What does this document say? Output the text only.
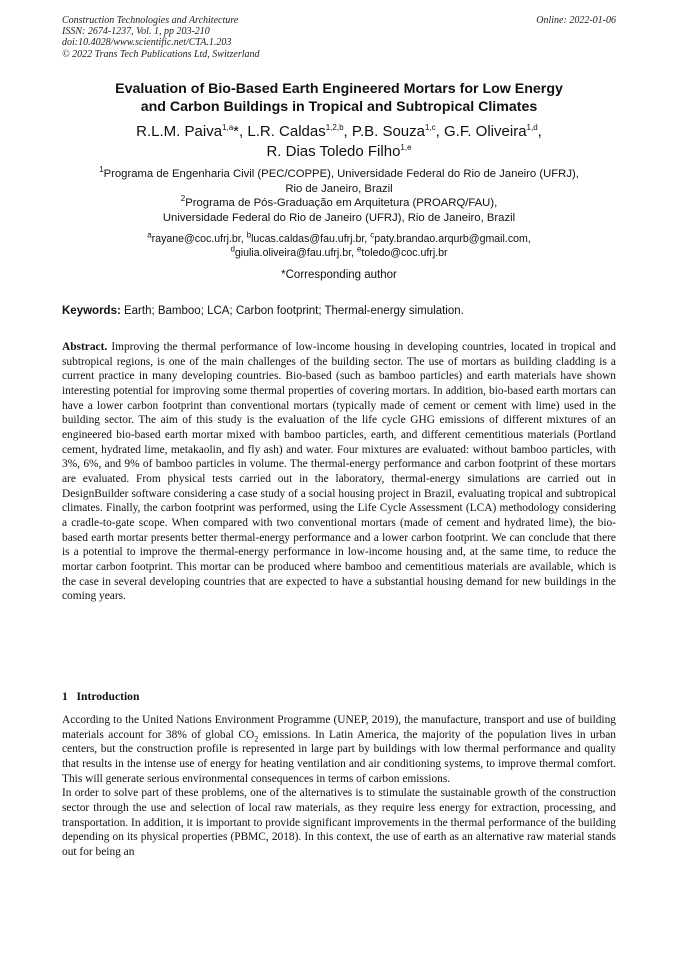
Construction Technologies and Architecture
ISSN: 2674-1237, Vol. 1, pp 203-210
doi:10.4028/www.scientific.net/CTA.1.203
© 2022 Trans Tech Publications Ltd, Switzerland
Online: 2022-01-06
Evaluation of Bio-Based Earth Engineered Mortars for Low Energy
and Carbon Buildings in Tropical and Subtropical Climates
R.L.M. Paiva$^{1,a}$*, L.R. Caldas$^{1,2,b}$, P.B. Souza$^{1,c}$, G.F. Oliveira$^{1,d}$,
R. Dias Toledo Filho$^{1,e}$
$^1$Programa de Engenharia Civil (PEC/COPPE), Universidade Federal do Rio de Janeiro (UFRJ),
Rio de Janeiro, Brazil
$^2$Programa de Pós-Graduação em Arquitetura (PROARQ/FAU),
Universidade Federal do Rio de Janeiro (UFRJ), Rio de Janeiro, Brazil
$^a$rayane@coc.ufrj.br, $^b$lucas.caldas@fau.ufrj.br, $^c$paty.brandao.arqurb@gmail.com,
$^d$giulia.oliveira@fau.ufrj.br, $^e$toledo@coc.ufrj.br
*Corresponding author
Keywords: Earth; Bamboo; LCA; Carbon footprint; Thermal-energy simulation.
Abstract. Improving the thermal performance of low-income housing in developing countries, located in tropical and subtropical regions, is one of the main challenges of the building sector. The use of mortars as building cladding is a current practice in many developing countries. Bio-based (such as bamboo particles) and earth materials have shown interesting potential for improving some thermal properties of covering mortars. In addition, bio-based earth mortars can have a lower carbon footprint than conventional mortars (typically made of cement or cement with lime) used in the building sector. The aim of this study is the evaluation of the life cycle GHG emissions of different mixtures of an engineered bio-based earth mortar mixed with bamboo particles, earth, and different cementitious materials (Portland cement, hydrated lime, metakaolin, and fly ash) and water. Four mixtures are evaluated: without bamboo particles, with 3%, 6%, and 9% of bamboo particles in volume. The thermal-energy performance and carbon footprint of these mortars are evaluated. From physical tests carried out in the laboratory, thermal-energy simulations are carried out in DesignBuilder software considering a case study of a social housing project in Brazil, evaluating tropical and subtropical climates. Finally, the carbon footprint was performed, using the Life Cycle Assessment (LCA) methodology considering a cradle-to-gate scope. When compared with two conventional mortars (made of cement and hydrated lime), the bio-based earth mortar presents better thermal-energy performance and a lower carbon footprint. We can conclude that there is a potential to improve the thermal-energy performance in low-income housing and, at the same time, to reduce the mortar carbon footprint. This mortar can be produced where bamboo and cementitious materials are available, which is the case in several developing countries that are expected to have a substantial housing demand for new buildings in the coming years.
1 Introduction

According to the United Nations Environment Programme (UNEP, 2019), the manufacture, transport and use of building materials account for 38% of global $CO_2$ emissions. In Latin America, the majority of the population lives in urban centers, but the construction profile is represented in large part by buildings with low thermal performance and quality that results in the intense use of energy for heating ventilation and air conditioning systems, to improve thermal comfort. This will generate serious environmental consequences in terms of carbon emissions.

In order to solve part of these problems, one of the alternatives is to stimulate the sustainable growth of the construction sector through the use and selection of local raw materials, as they require less energy for extraction, processing, and transportation. In addition, it is important to provide significant improvements in the thermal performance of the building depending on its physical properties (PBMC, 2018). In this context, the use of earth as an alternative raw material stands out for being an
